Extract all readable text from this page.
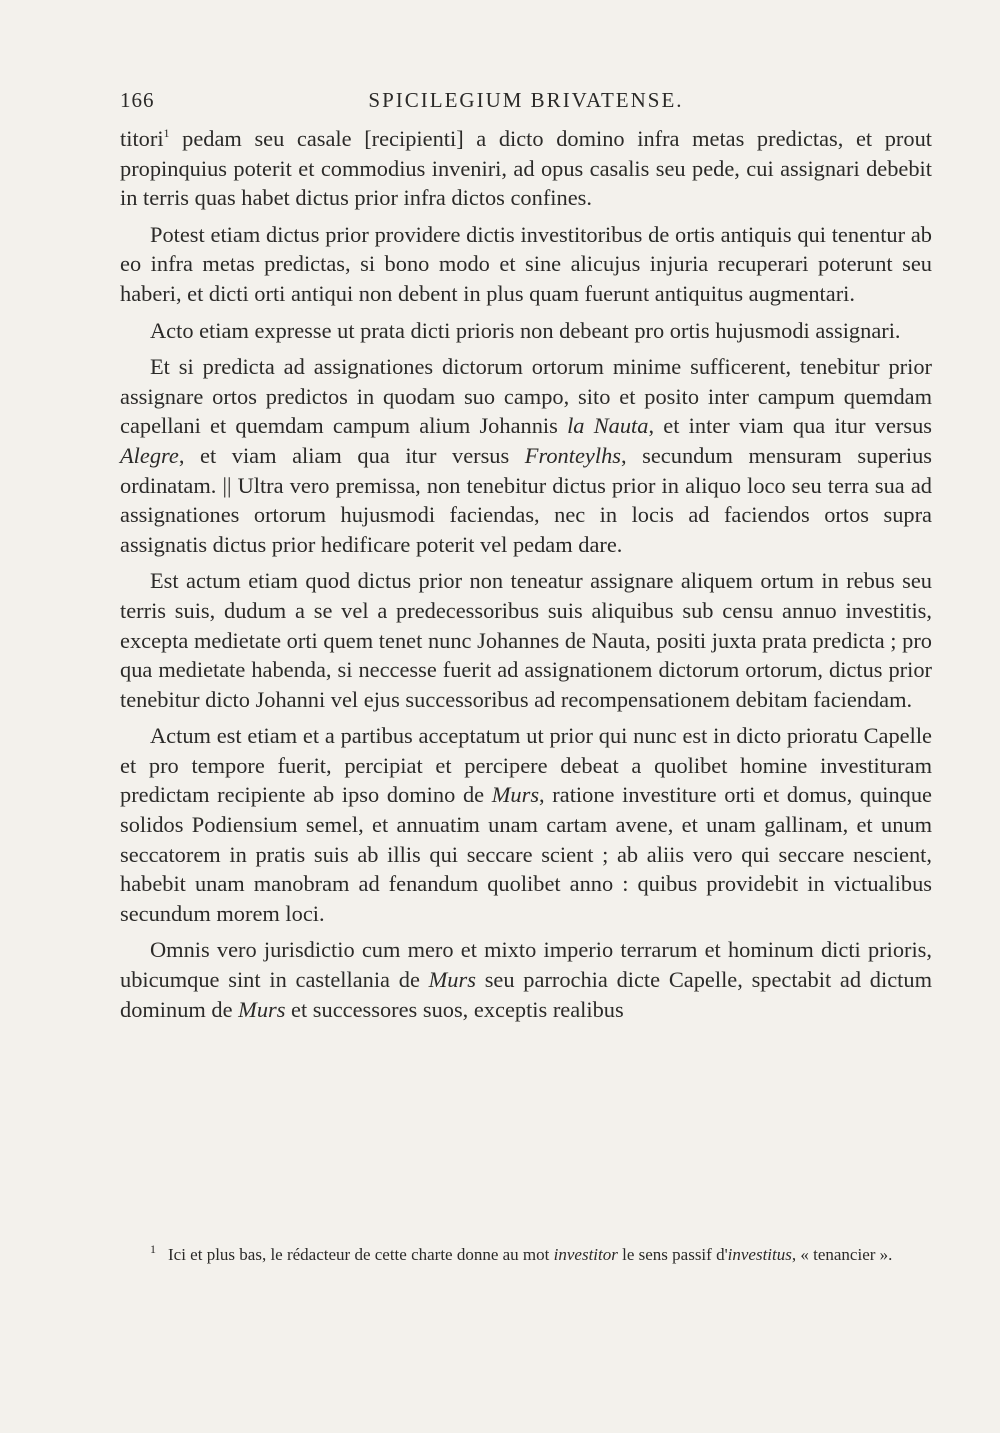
166	SPICILEGIUM BRIVATENSE.

titori$^1$ pedam seu casale [recipienti] a dicto domino infra metas predictas, et prout propinquius poterit et commodius inveniri, ad opus casalis seu pede, cui assignari debebit in terris quas habet dictus prior infra dictos confines.

Potest etiam dictus prior providere dictis investitoribus de ortis antiquis qui tenentur ab eo infra metas predictas, si bono modo et sine alicujus injuria recuperari poterunt seu haberi, et dicti orti antiqui non debent in plus quam fuerunt antiquitus augmentari.

Acto etiam expresse ut prata dicti prioris non debeant pro ortis hujusmodi assignari.

Et si predicta ad assignationes dictorum ortorum minime sufficerent, tenebitur prior assignare ortos predictos in quodam suo campo, sito et posito inter campum quemdam capellani et quemdam campum alium Johannis la Nauta, et inter viam qua itur versus Alegre, et viam aliam qua itur versus Fronteylhs, secundum mensuram superius ordinatam. || Ultra vero premissa, non tenebitur dictus prior in aliquo loco seu terra sua ad assignationes ortorum hujusmodi faciendas, nec in locis ad faciendos ortos supra assignatis dictus prior hedificare poterit vel pedam dare.

Est actum etiam quod dictus prior non teneatur assignare aliquem ortum in rebus seu terris suis, dudum a se vel a predecessoribus suis aliquibus sub censu annuo investitis, excepta medietate orti quem tenet nunc Johannes de Nauta, positi juxta prata predicta ; pro qua medietate habenda, si neccesse fuerit ad assignationem dictorum ortorum, dictus prior tenebitur dicto Johanni vel ejus successoribus ad recompensationem debitam faciendam.

Actum est etiam et a partibus acceptatum ut prior qui nunc est in dicto prioratu Capelle et pro tempore fuerit, percipiat et percipere debeat a quolibet homine investituram predictam recipiente ab ipso domino de Murs, ratione investiture orti et domus, quinque solidos Podiensium semel, et annuatim unam cartam avene, et unam gallinam, et unum seccatorem in pratis suis ab illis qui seccare scient ; ab aliis vero qui seccare nescient, habebit unam manobram ad fenandum quolibet anno : quibus providebit in victualibus secundum morem loci.

Omnis vero jurisdictio cum mero et mixto imperio terrarum et hominum dicti prioris, ubicumque sint in castellania de Murs seu parrochia dicte Capelle, spectabit ad dictum dominum de Murs et successores suos, exceptis realibus

$^1$ Ici et plus bas, le rédacteur de cette charte donne au mot investitor le sens passif d'investitus, « tenancier ».
